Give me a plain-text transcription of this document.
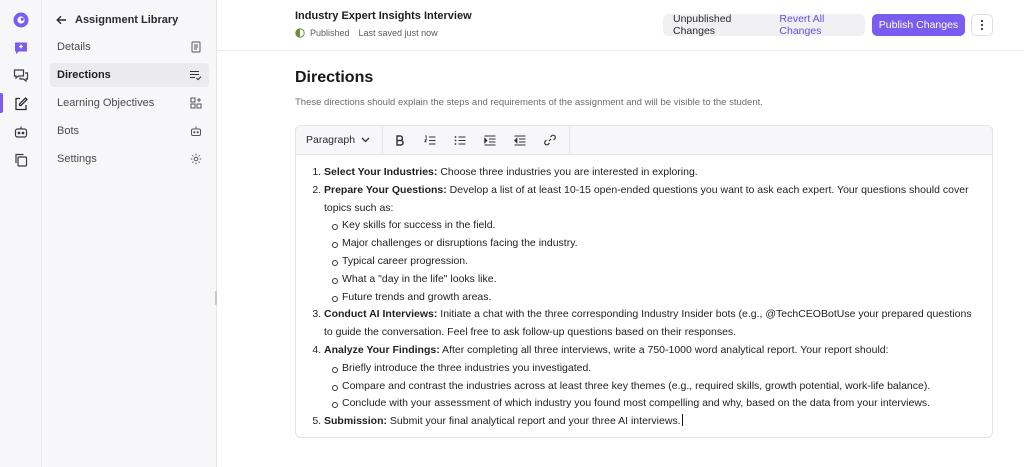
Assignment Library
Details
Directions
Learning Objectives
Bots
Settings
Industry Expert Insights Interview
Published Last saved just now
Unpublished Changes
Revert All Changes	Publish Changes
Directions
These directions should explain the steps and requirements of the assignment and will be visible to the student.
Paragraph
1. Select Your Industries: Choose three industries you are interested in exploring.
2. Prepare Your Questions: Develop a list of at least 10-15 open-ended questions you want to ask each expert. Your questions should cover topics such as:
Key skills for success in the field.
Major challenges or disruptions facing the industry.
Typical career progression.
What a "day in the life" looks like.
Future trends and growth areas.
3. Conduct AI Interviews: Initiate a chat with the three corresponding Industry Insider bots (e.g., @TechCEOBotUse your prepared questions to guide the conversation. Feel free to ask follow-up questions based on their responses.
4. Analyze Your Findings: After completing all three interviews, write a 750-1000 word analytical report. Your report should:
Briefly introduce the three industries you investigated.
Compare and contrast the industries across at least three key themes (e.g., required skills, growth potential, work-life balance).
Conclude with your assessment of which industry you found most compelling and why, based on the data from your interviews.
5. Submission: Submit your final analytical report and your three AI interviews.
